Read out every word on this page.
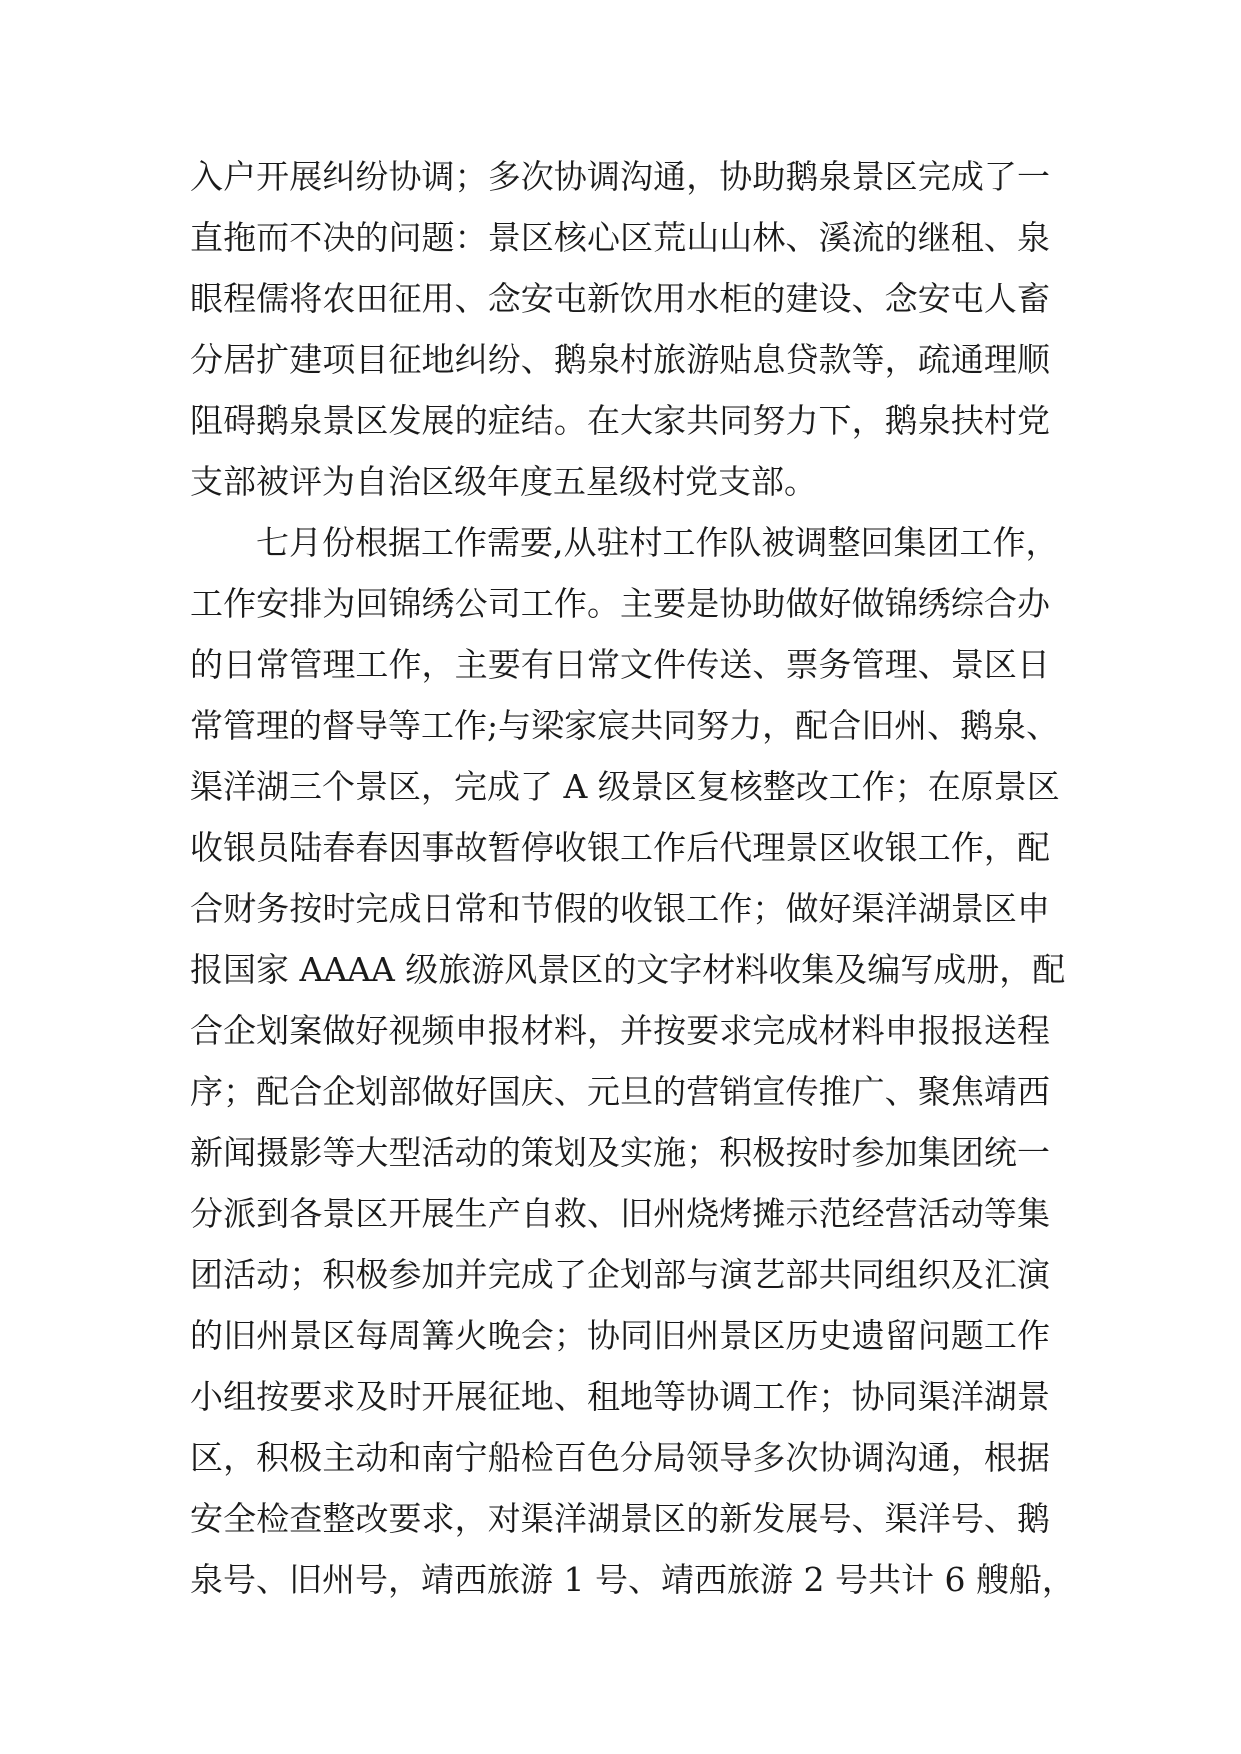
入户开展纠纷协调；多次协调沟通，协助鹅泉景区完成了一
直拖而不决的问题：景区核心区荒山山林、溪流的继租、泉
眼程儒将农田征用、念安屯新饮用水柜的建设、念安屯人畜
分居扩建项目征地纠纷、鹅泉村旅游贴息贷款等，疏通理顺
阻碍鹅泉景区发展的症结。在大家共同努力下，鹅泉扶村党
支部被评为自治区级年度五星级村党支部。
七月份根据工作需要,从驻村工作队被调整回集团工作，
工作安排为回锦绣公司工作。主要是协助做好做锦绣综合办
的日常管理工作，主要有日常文件传送、票务管理、景区日
常管理的督导等工作;与梁家宸共同努力，配合旧州、鹅泉、
渠洋湖三个景区，完成了 A 级景区复核整改工作；在原景区
收银员陆春春因事故暂停收银工作后代理景区收银工作，配
合财务按时完成日常和节假的收银工作；做好渠洋湖景区申
报国家 AAAA 级旅游风景区的文字材料收集及编写成册，配
合企划案做好视频申报材料，并按要求完成材料申报报送程
序；配合企划部做好国庆、元旦的营销宣传推广、聚焦靖西
新闻摄影等大型活动的策划及实施；积极按时参加集团统一
分派到各景区开展生产自救、旧州烧烤摊示范经营活动等集
团活动；积极参加并完成了企划部与演艺部共同组织及汇演
的旧州景区每周篝火晚会；协同旧州景区历史遗留问题工作
小组按要求及时开展征地、租地等协调工作；协同渠洋湖景
区，积极主动和南宁船检百色分局领导多次协调沟通，根据
安全检查整改要求，对渠洋湖景区的新发展号、渠洋号、鹅
泉号、旧州号，靖西旅游 1 号、靖西旅游 2 号共计 6 艘船，
